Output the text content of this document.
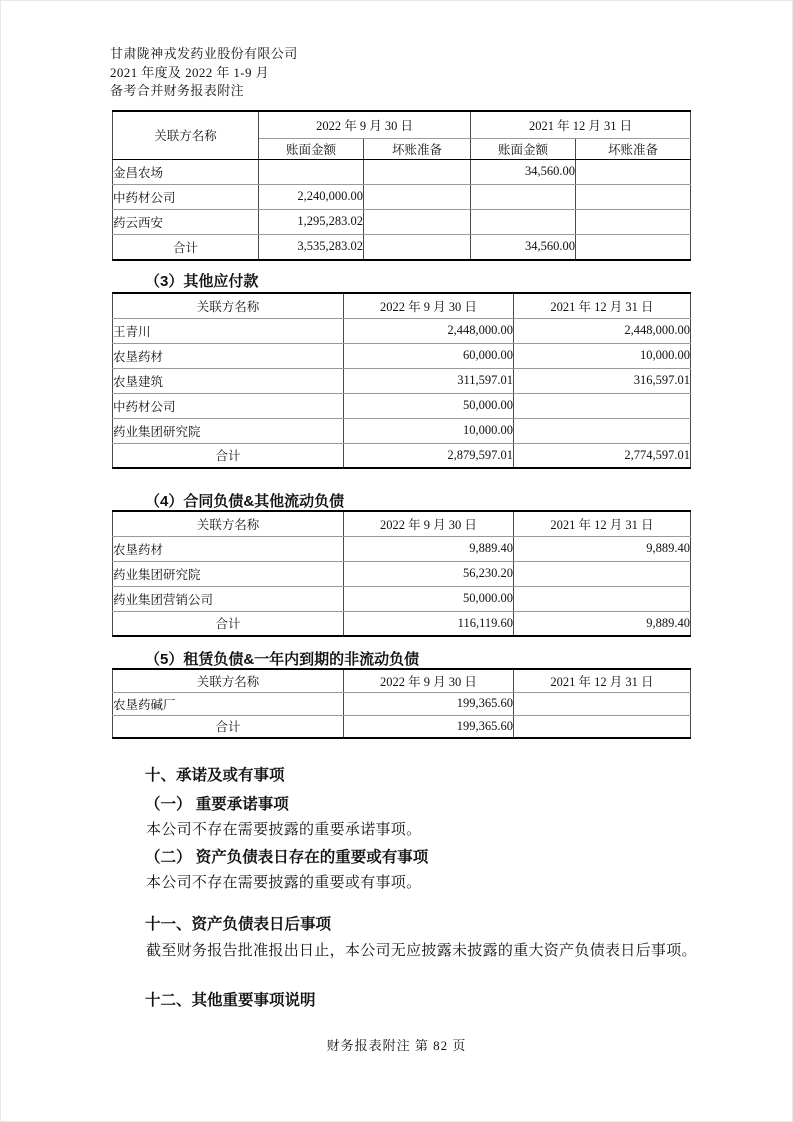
甘肃陇神戎发药业股份有限公司
2021 年度及 2022 年 1-9 月
备考合并财务报表附注
关联方名称	2022 年 9 月 30 日		2021 年 12 月 31 日	
	账面金额	坏账准备	账面金额	坏账准备
金昌农场			34,560.00	
中药材公司	2,240,000.00			
药云西安	1,295,283.02			
合计	3,535,283.02		34,560.00	
（3）其他应付款
关联方名称	2022 年 9 月 30 日	2021 年 12 月 31 日
王青川	2,448,000.00	2,448,000.00
农垦药材	60,000.00	10,000.00
农垦建筑	311,597.01	316,597.01
中药材公司	50,000.00	
药业集团研究院	10,000.00	
合计	2,879,597.01	2,774,597.01
（4）合同负债&其他流动负债
关联方名称	2022 年 9 月 30 日	2021 年 12 月 31 日
农垦药材	9,889.40	9,889.40
药业集团研究院	56,230.20	
药业集团营销公司	50,000.00	
合计	116,119.60	9,889.40
（5）租赁负债&一年内到期的非流动负债
关联方名称	2022 年 9 月 30 日	2021 年 12 月 31 日
农垦药碱厂	199,365.60	
合计	199,365.60	
十、承诺及或有事项
（一） 重要承诺事项
本公司不存在需要披露的重要承诺事项。
（二） 资产负债表日存在的重要或有事项
本公司不存在需要披露的重要或有事项。
十一、资产负债表日后事项
截至财务报告批准报出日止，本公司无应披露未披露的重大资产负债表日后事项。
十二、其他重要事项说明
财务报表附注 第 82 页
